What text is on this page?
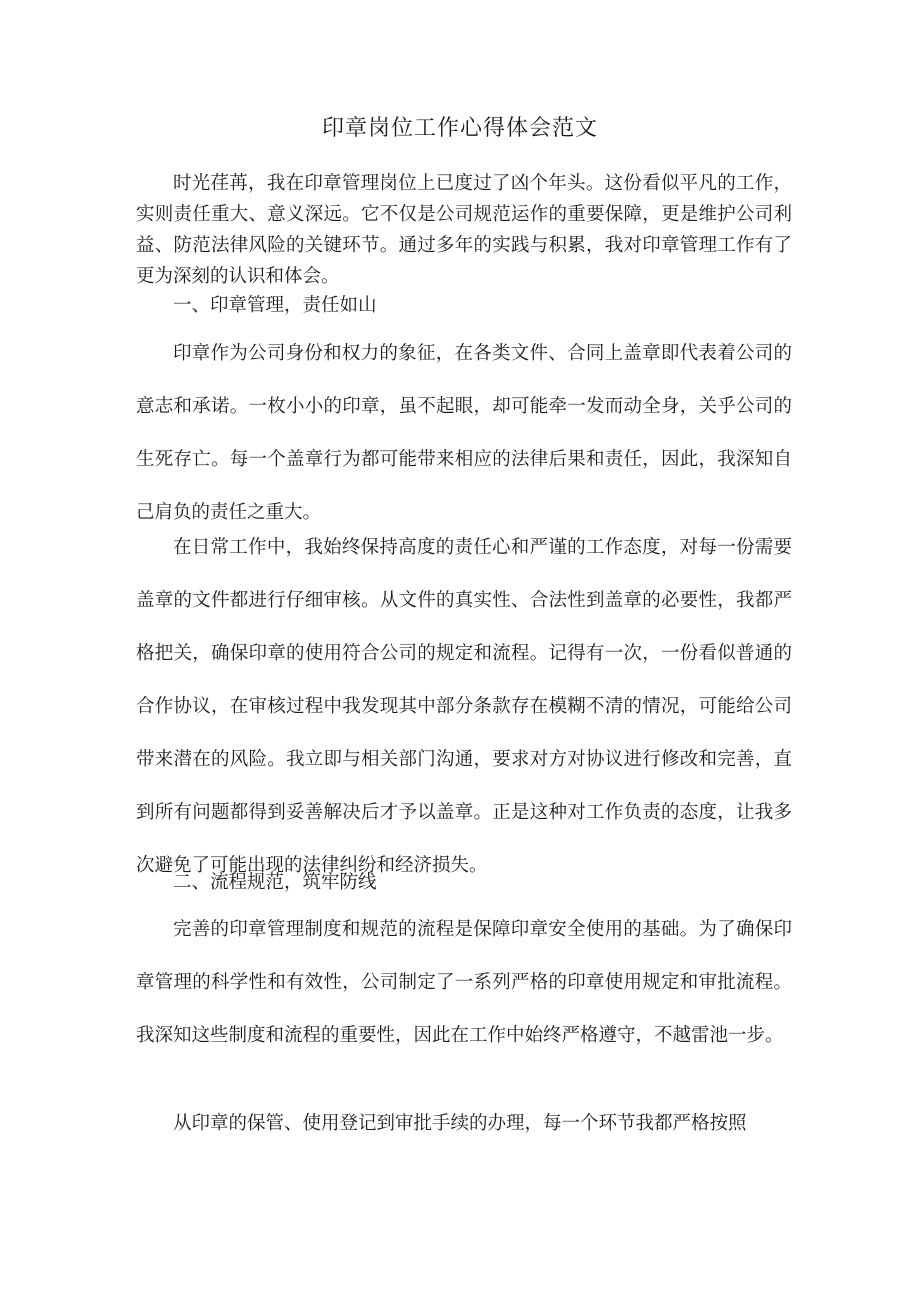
印章岗位工作心得体会范文

时光荏苒，我在印章管理岗位上已度过了凶个年头。这份看似平凡的工作，实则责任重大、意义深远。它不仅是公司规范运作的重要保障，更是维护公司利益、防范法律风险的关键环节。通过多年的实践与积累，我对印章管理工作有了更为深刻的认识和体会。

一、印章管理，责任如山

印章作为公司身份和权力的象征，在各类文件、合同上盖章即代表着公司的意志和承诺。一枚小小的印章，虽不起眼，却可能牵一发而动全身，关乎公司的生死存亡。每一个盖章行为都可能带来相应的法律后果和责任，因此，我深知自己肩负的责任之重大。

在日常工作中，我始终保持高度的责任心和严谨的工作态度，对每一份需要盖章的文件都进行仔细审核。从文件的真实性、合法性到盖章的必要性，我都严格把关，确保印章的使用符合公司的规定和流程。记得有一次，一份看似普通的合作协议，在审核过程中我发现其中部分条款存在模糊不清的情况，可能给公司带来潜在的风险。我立即与相关部门沟通，要求对方对协议进行修改和完善，直到所有问题都得到妥善解决后才予以盖章。正是这种对工作负责的态度，让我多次避免了可能出现的法律纠纷和经济损失。

二、流程规范，筑牢防线

完善的印章管理制度和规范的流程是保障印章安全使用的基础。为了确保印章管理的科学性和有效性，公司制定了一系列严格的印章使用规定和审批流程。我深知这些制度和流程的重要性，因此在工作中始终严格遵守，不越雷池一步。

从印章的保管、使用登记到审批手续的办理，每一个环节我都严格按照
